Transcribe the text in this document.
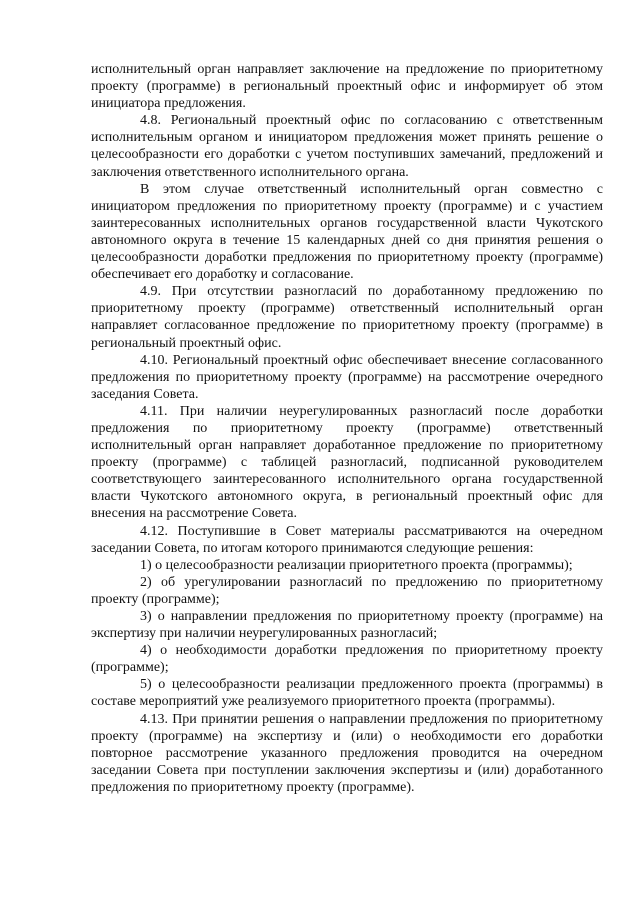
исполнительный орган направляет заключение на предложение по приоритетному проекту (программе) в региональный проектный офис и информирует об этом инициатора предложения.

4.8. Региональный проектный офис по согласованию с ответственным исполнительным органом и инициатором предложения может принять решение о целесообразности его доработки с учетом поступивших замечаний, предложений и заключения ответственного исполнительного органа.

В этом случае ответственный исполнительный орган совместно с инициатором предложения по приоритетному проекту (программе) и с участием заинтересованных исполнительных органов государственной власти Чукотского автономного округа в течение 15 календарных дней со дня принятия решения о целесообразности доработки предложения по приоритетному проекту (программе) обеспечивает его доработку и согласование.

4.9. При отсутствии разногласий по доработанному предложению по приоритетному проекту (программе) ответственный исполнительный орган направляет согласованное предложение по приоритетному проекту (программе) в региональный проектный офис.

4.10. Региональный проектный офис обеспечивает внесение согласованного предложения по приоритетному проекту (программе) на рассмотрение очередного заседания Совета.

4.11. При наличии неурегулированных разногласий после доработки предложения по приоритетному проекту (программе) ответственный исполнительный орган направляет доработанное предложение по приоритетному проекту (программе) с таблицей разногласий, подписанной руководителем соответствующего заинтересованного исполнительного органа государственной власти Чукотского автономного округа, в региональный проектный офис для внесения на рассмотрение Совета.

4.12. Поступившие в Совет материалы рассматриваются на очередном заседании Совета, по итогам которого принимаются следующие решения:

1) о целесообразности реализации приоритетного проекта (программы);

2) об урегулировании разногласий по предложению по приоритетному проекту (программе);

3) о направлении предложения по приоритетному проекту (программе) на экспертизу при наличии неурегулированных разногласий;

4) о необходимости доработки предложения по приоритетному проекту (программе);

5) о целесообразности реализации предложенного проекта (программы) в составе мероприятий уже реализуемого приоритетного проекта (программы).

4.13. При принятии решения о направлении предложения по приоритетному проекту (программе) на экспертизу и (или) о необходимости его доработки повторное рассмотрение указанного предложения проводится на очередном заседании Совета при поступлении заключения экспертизы и (или) доработанного предложения по приоритетному проекту (программе).
